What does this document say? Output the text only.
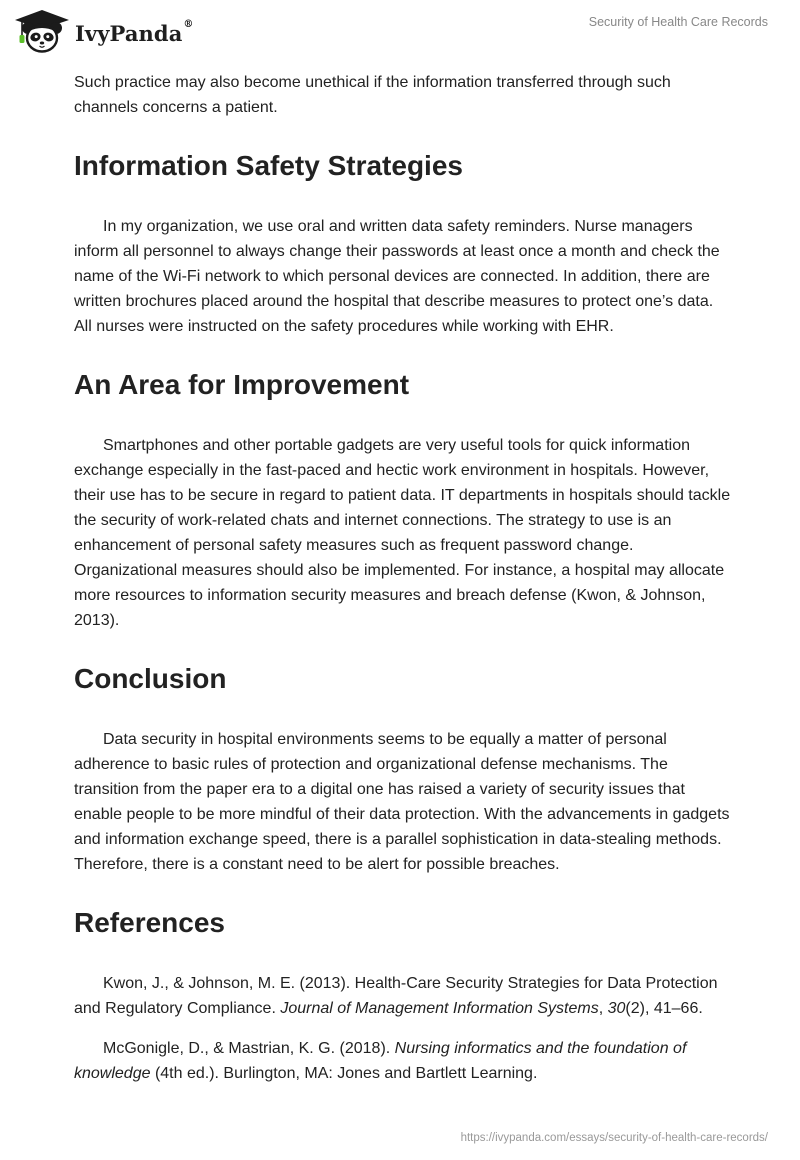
IvyPanda®	Security of Health Care Records

Such practice may also become unethical if the information transferred through such channels concerns a patient.

Information Safety Strategies

In my organization, we use oral and written data safety reminders. Nurse managers inform all personnel to always change their passwords at least once a month and check the name of the Wi-Fi network to which personal devices are connected. In addition, there are written brochures placed around the hospital that describe measures to protect one’s data. All nurses were instructed on the safety procedures while working with EHR.

An Area for Improvement

Smartphones and other portable gadgets are very useful tools for quick information exchange especially in the fast-paced and hectic work environment in hospitals. However, their use has to be secure in regard to patient data. IT departments in hospitals should tackle the security of work-related chats and internet connections. The strategy to use is an enhancement of personal safety measures such as frequent password change. Organizational measures should also be implemented. For instance, a hospital may allocate more resources to information security measures and breach defense (Kwon, & Johnson, 2013).

Conclusion

Data security in hospital environments seems to be equally a matter of personal adherence to basic rules of protection and organizational defense mechanisms. The transition from the paper era to a digital one has raised a variety of security issues that enable people to be more mindful of their data protection. With the advancements in gadgets and information exchange speed, there is a parallel sophistication in data-stealing methods. Therefore, there is a constant need to be alert for possible breaches.

References

Kwon, J., & Johnson, M. E. (2013). Health-Care Security Strategies for Data Protection and Regulatory Compliance. Journal of Management Information Systems, 30(2), 41–66.

McGonigle, D., & Mastrian, K. G. (2018). Nursing informatics and the foundation of knowledge (4th ed.). Burlington, MA: Jones and Bartlett Learning.

https://ivypanda.com/essays/security-of-health-care-records/
